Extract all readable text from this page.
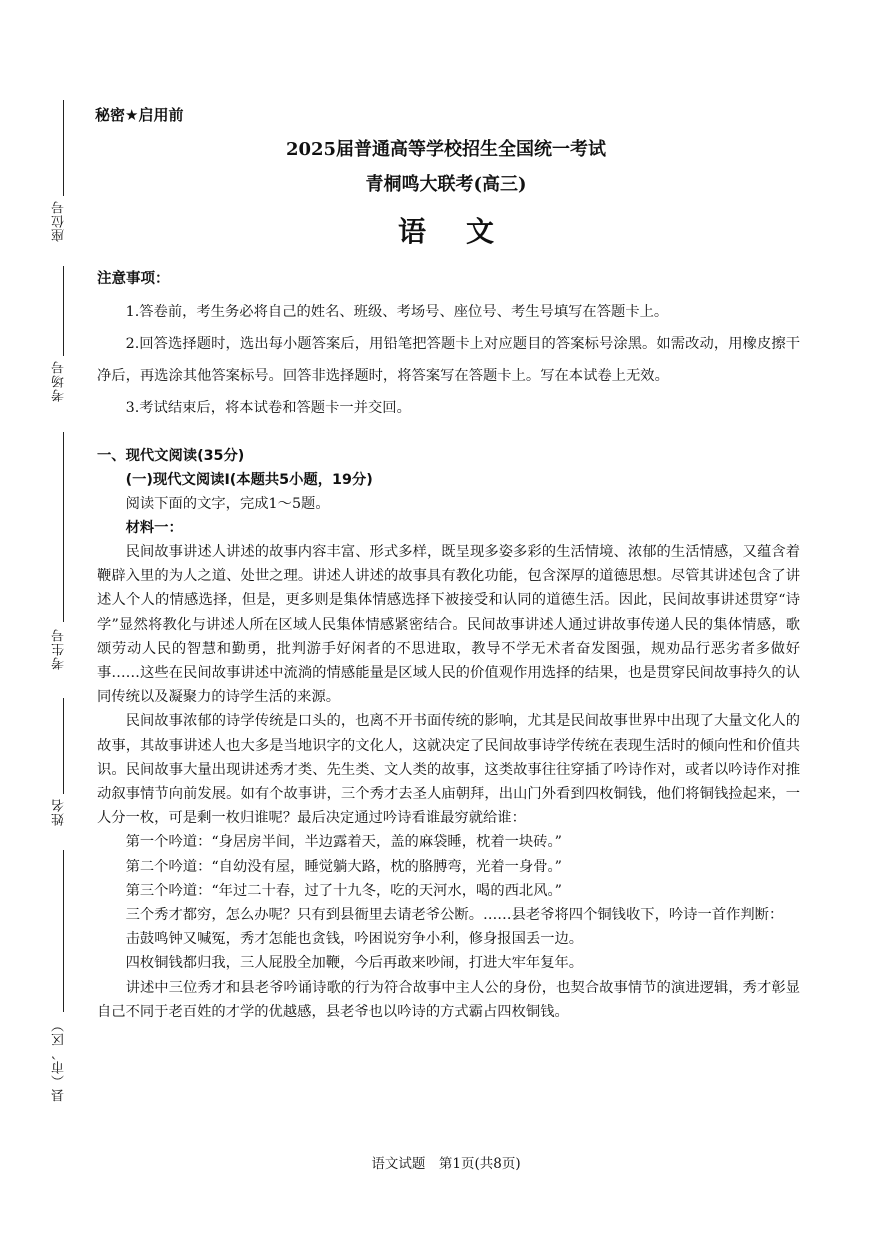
座位号
考场号
考生号
姓名
县（市、区）
秘密★启用前
2025届普通高等学校招生全国统一考试
青桐鸣大联考(高三)
语文
注意事项：
1.答卷前，考生务必将自己的姓名、班级、考场号、座位号、考生号填写在答题卡上。
2.回答选择题时，选出每小题答案后，用铅笔把答题卡上对应题目的答案标号涂黑。如需改动，用橡皮擦干净后，再选涂其他答案标号。回答非选择题时，将答案写在答题卡上。写在本试卷上无效。
3.考试结束后，将本试卷和答题卡一并交回。
一、现代文阅读(35分)
(一)现代文阅读Ⅰ(本题共5小题，19分)
阅读下面的文字，完成1～5题。
材料一：
民间故事讲述人讲述的故事内容丰富、形式多样，既呈现多姿多彩的生活情境、浓郁的生活情感，又蕴含着鞭辟入里的为人之道、处世之理。讲述人讲述的故事具有教化功能，包含深厚的道德思想。尽管其讲述包含了讲述人个人的情感选择，但是，更多则是集体情感选择下被接受和认同的道德生活。因此，民间故事讲述贯穿“诗学”显然将教化与讲述人所在区域人民集体情感紧密结合。民间故事讲述人通过讲故事传递人民的集体情感，歌颂劳动人民的智慧和勤勇，批判游手好闲者的不思进取，教导不学无术者奋发图强，规劝品行恶劣者多做好事……这些在民间故事讲述中流淌的情感能量是区域人民的价值观作用选择的结果，也是贯穿民间故事持久的认同传统以及凝聚力的诗学生活的来源。
民间故事浓郁的诗学传统是口头的，也离不开书面传统的影响，尤其是民间故事世界中出现了大量文化人的故事，其故事讲述人也大多是当地识字的文化人，这就决定了民间故事诗学传统在表现生活时的倾向性和价值共识。民间故事大量出现讲述秀才类、先生类、文人类的故事，这类故事往往穿插了吟诗作对，或者以吟诗作对推动叙事情节向前发展。如有个故事讲，三个秀才去圣人庙朝拜，出山门外看到四枚铜钱，他们将铜钱捡起来，一人分一枚，可是剩一枚归谁呢？最后决定通过吟诗看谁最穷就给谁：
第一个吟道：“身居房半间，半边露着天，盖的麻袋睡，枕着一块砖。”
第二个吟道：“自幼没有屋，睡觉躺大路，枕的胳膊弯，光着一身骨。”
第三个吟道：“年过二十春，过了十九冬，吃的天河水，喝的西北风。”
三个秀才都穷，怎么办呢？只有到县衙里去请老爷公断。……县老爷将四个铜钱收下，吟诗一首作判断：
击鼓鸣钟又喊冤，秀才怎能也贪钱，吟困说穷争小利，修身报国丢一边。
四枚铜钱都归我，三人屁股全加鞭，今后再敢来吵闹，打进大牢年复年。
讲述中三位秀才和县老爷吟诵诗歌的行为符合故事中主人公的身份，也契合故事情节的演进逻辑，秀才彰显自己不同于老百姓的才学的优越感，县老爷也以吟诗的方式霸占四枚铜钱。
语文试题　第1页(共8页)
